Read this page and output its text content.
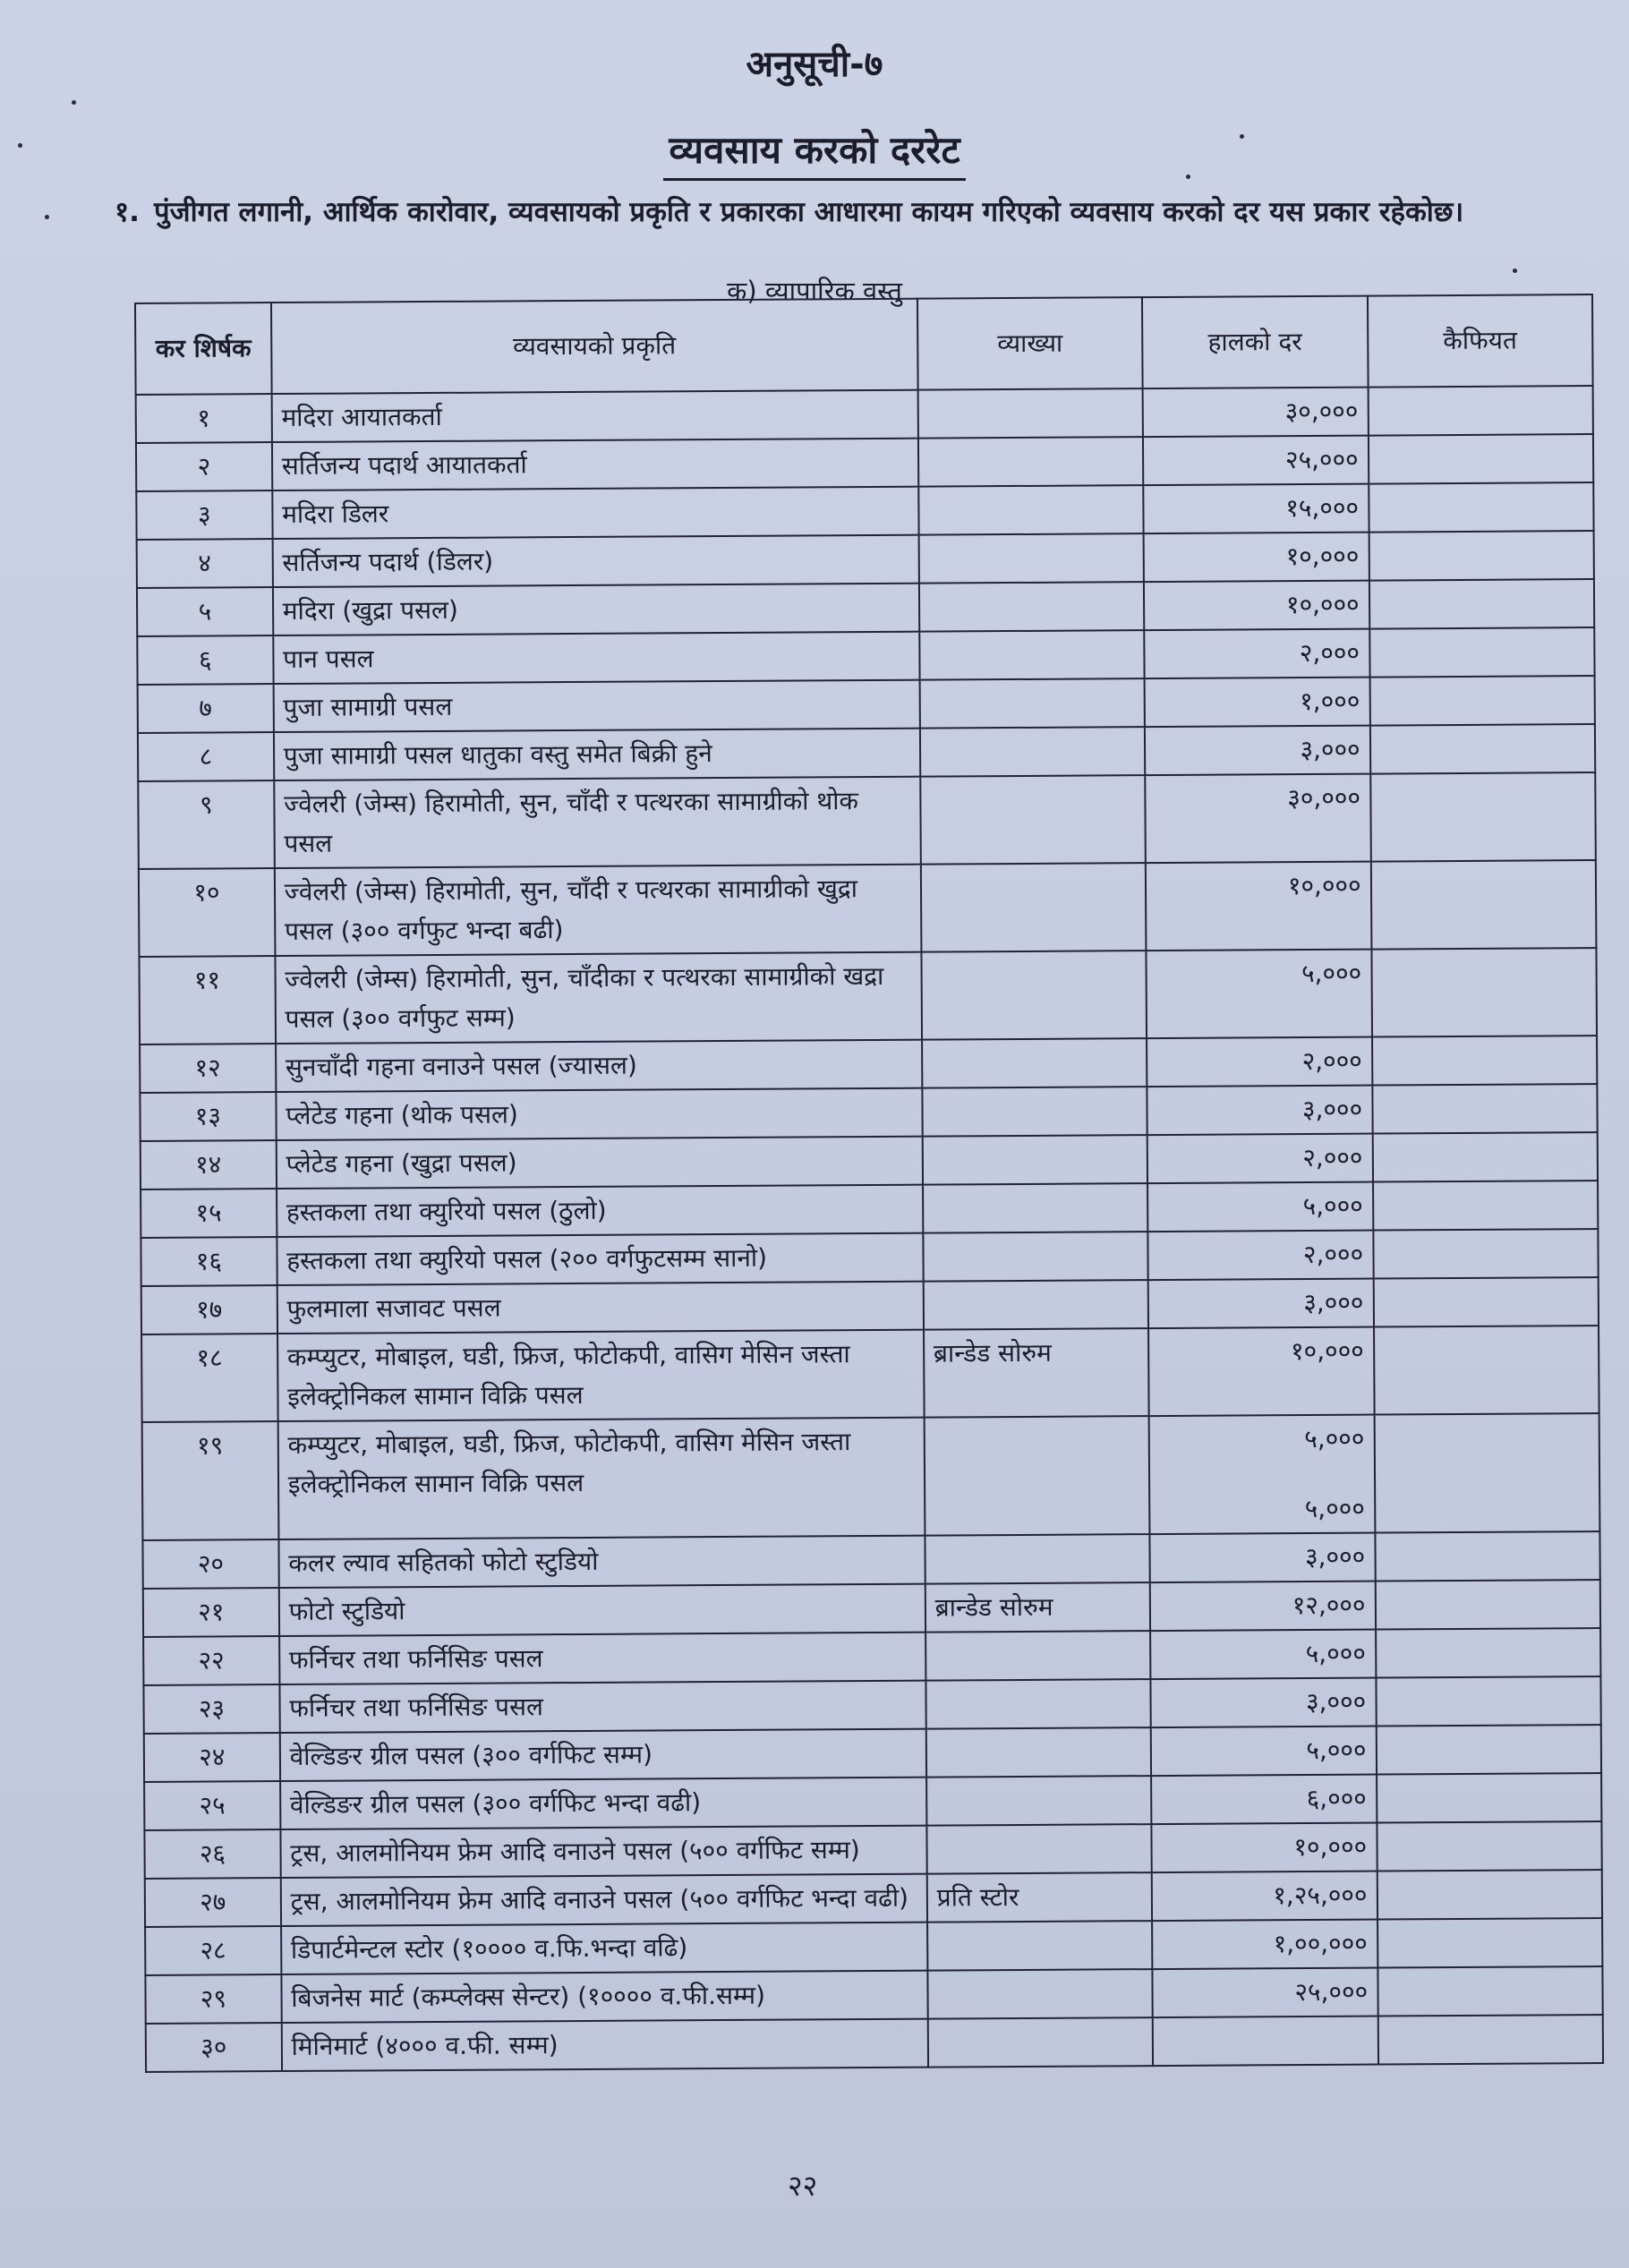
अनुसूची-७
व्यवसाय करको दररेट
१. पुंजीगत लगानी, आर्थिक कारोवार, व्यवसायको प्रकृति र प्रकारका आधारमा कायम गरिएको व्यवसाय करको दर यस प्रकार रहेकोछ।
क) व्यापारिक वस्तु
कर शिर्षक	व्यवसायको प्रकृति	व्याख्या	हालको दर	कैफियत
१	मदिरा आयातकर्ता		३०,०००	

२	सर्तिजन्य पदार्थ आयातकर्ता		२५,०००	

३	मदिरा डिलर		१५,०००	

४	सर्तिजन्य पदार्थ (डिलर)		१०,०००	

५	मदिरा (खुद्रा पसल)		१०,०००	

६	पान पसल		२,०००	

७	पुजा सामाग्री पसल		१,०००	

८	पुजा सामाग्री पसल धातुका वस्तु समेत बिक्री हुने		३,०००	

९	ज्वेलरी (जेम्स) हिरामोती, सुन, चाँदी र पत्थरका सामाग्रीको थोक पसल		३०,०००	

१०	ज्वेलरी (जेम्स) हिरामोती, सुन, चाँदी र पत्थरका सामाग्रीको खुद्रा पसल (३०० वर्गफुट भन्दा बढी)		१०,०००	

११	ज्वेलरी (जेम्स) हिरामोती, सुन, चाँदीका र पत्थरका सामाग्रीको खद्रा पसल (३०० वर्गफुट सम्म)		५,०००	

१२	सुनचाँदी गहना वनाउने पसल (ज्यासल)		२,०००	

१३	प्लेटेड गहना (थोक पसल)		३,०००	

१४	प्लेटेड गहना (खुद्रा पसल)		२,०००	

१५	हस्तकला तथा क्युरियो पसल (ठुलो)		५,०००	

१६	हस्तकला तथा क्युरियो पसल (२०० वर्गफुटसम्म सानो)		२,०००	

१७	फुलमाला सजावट पसल		३,०००	

१८	कम्प्युटर, मोबाइल, घडी, फ्रिज, फोटोकपी, वासिग मेसिन जस्ता इलेक्ट्रोनिकल सामान विक्रि पसल	ब्रान्डेड सोरुम	१०,०००	

१९	कम्प्युटर, मोबाइल, घडी, फ्रिज, फोटोकपी, वासिग मेसिन जस्ता इलेक्ट्रोनिकल सामान विक्रि पसल		५,०००
५,०००	

२०	कलर ल्याव सहितको फोटो स्टुडियो		३,०००	

२१	फोटो स्टुडियो	ब्रान्डेड सोरुम	१२,०००	

२२	फर्निचर तथा फर्निसिङ पसल		५,०००	

२३	फर्निचर तथा फर्निसिङ पसल		३,०००	

२४	वेल्डिङर ग्रील पसल (३०० वर्गफिट सम्म)		५,०००	

२५	वेल्डिङर ग्रील पसल (३०० वर्गफिट भन्दा वढी)		६,०००	

२६	ट्रस, आलमोनियम फ्रेम आदि वनाउने पसल (५०० वर्गफिट सम्म)		१०,०००	

२७	ट्रस, आलमोनियम फ्रेम आदि वनाउने पसल (५०० वर्गफिट भन्दा वढी)	प्रति स्टोर	१,२५,०००	

२८	डिपार्टमेन्टल स्टोर (१०००० व.फि.भन्दा वढि)		१,००,०००	

२९	बिजनेस मार्ट (कम्प्लेक्स सेन्टर) (१०००० व.फी.सम्म)		२५,०००	

३०	मिनिमार्ट (४००० व.फी. सम्म)		

२२
